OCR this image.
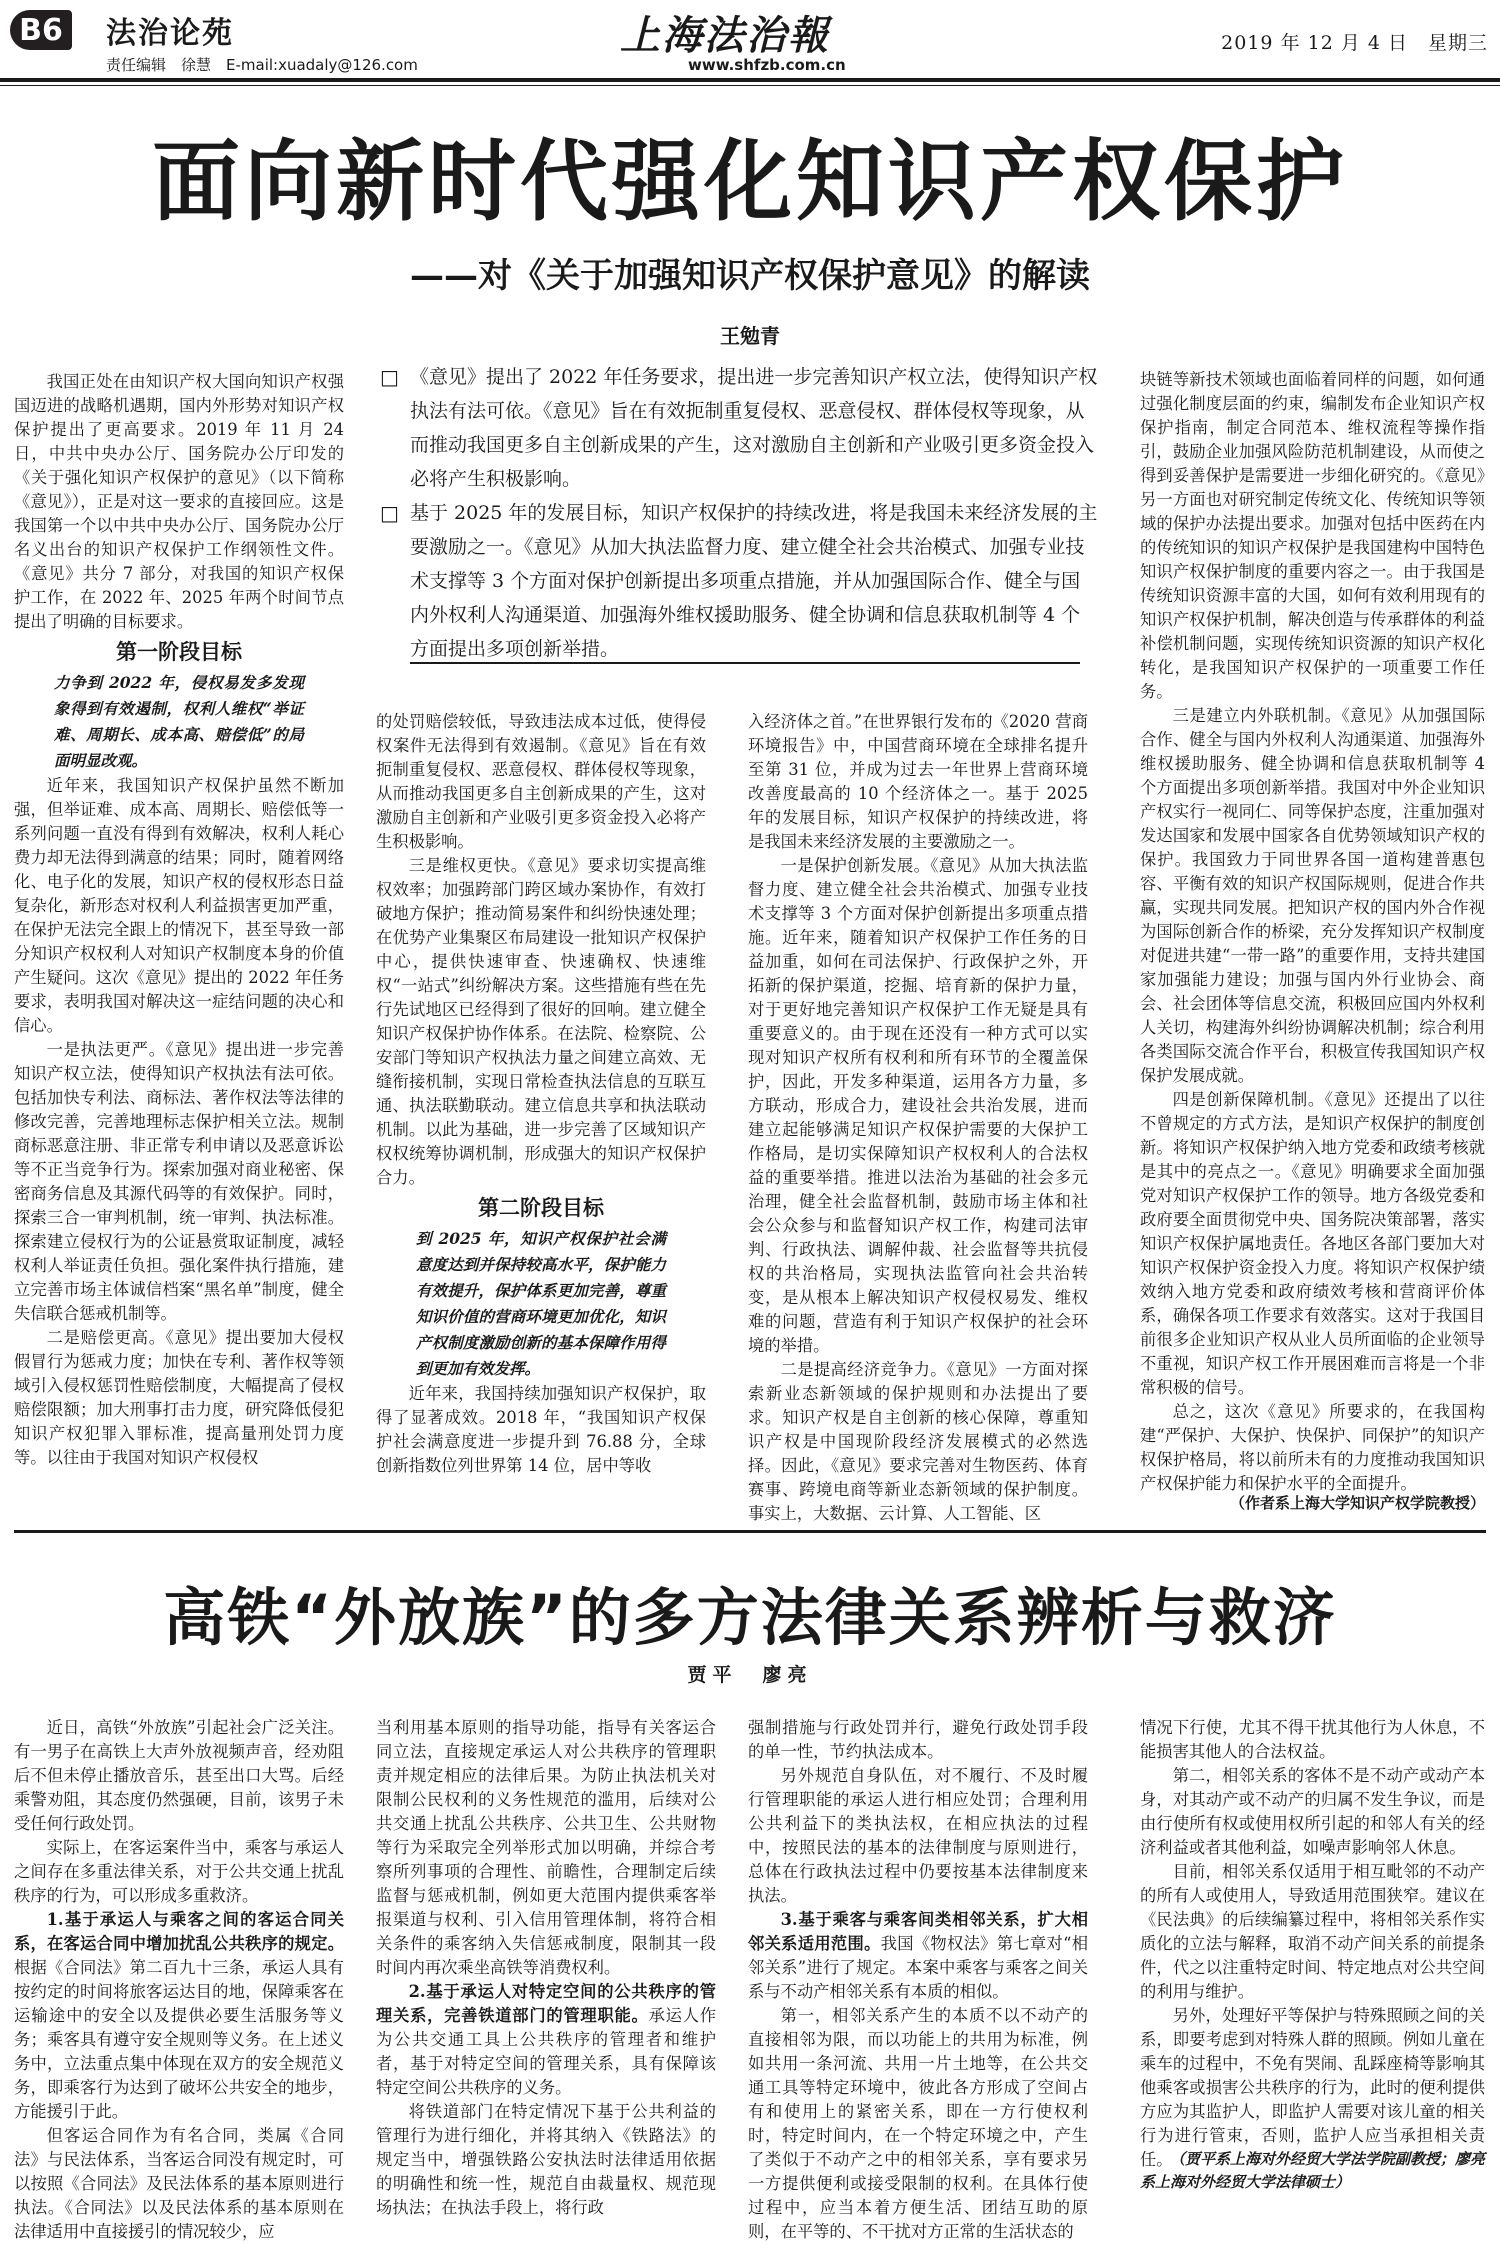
B6	法治论苑
责任编辑　徐慧　E-mail:xuadaly@126.com
上海法治報
www.shfzb.com.cn
2019 年 12 月 4 日　星期三
面向新时代强化知识产权保护
——对《关于加强知识产权保护意见》的解读
王勉青
□ 《意见》提出了 2022 年任务要求，提出进一步完善知识产权立法，使得知识产权执法有法可依。《意见》旨在有效扼制重复侵权、恶意侵权、群体侵权等现象，从而推动我国更多自主创新成果的产生，这对激励自主创新和产业吸引更多资金投入必将产生积极影响。
□ 基于 2025 年的发展目标，知识产权保护的持续改进，将是我国未来经济发展的主要激励之一。《意见》从加大执法监督力度、建立健全社会共治模式、加强专业技术支撑等 3 个方面对保护创新提出多项重点措施，并从加强国际合作、健全与国内外权利人沟通渠道、加强海外维权援助服务、健全协调和信息获取机制等 4 个方面提出多项创新举措。

我国正处在由知识产权大国向知识产权强国迈进的战略机遇期，国内外形势对知识产权保护提出了更高要求。2019 年 11 月 24 日，中共中央办公厅、国务院办公厅印发的《关于强化知识产权保护的意见》（以下简称《意见》），正是对这一要求的直接回应。这是我国第一个以中共中央办公厅、国务院办公厅名义出台的知识产权保护工作纲领性文件。《意见》共分 7 部分，对我国的知识产权保护工作，在 2022 年、2025 年两个时间节点提出了明确的目标要求。

第一阶段目标
力争到 2022 年，侵权易发多发现象得到有效遏制，权利人维权“举证难、周期长、成本高、赔偿低”的局面明显改观。

近年来，我国知识产权保护虽然不断加强，但举证难、成本高、周期长、赔偿低等一系列问题一直没有得到有效解决，权利人耗心费力却无法得到满意的结果；同时，随着网络化、电子化的发展，知识产权的侵权形态日益复杂化，新形态对权利人利益损害更加严重，在保护无法完全跟上的情况下，甚至导致一部分知识产权权利人对知识产权制度本身的价值产生疑问。这次《意见》提出的 2022 年任务要求，表明我国对解决这一症结问题的决心和信心。

一是执法更严。《意见》提出进一步完善知识产权立法，使得知识产权执法有法可依。包括加快专利法、商标法、著作权法等法律的修改完善，完善地理标志保护相关立法。规制商标恶意注册、非正常专利申请以及恶意诉讼等不正当竞争行为。探索加强对商业秘密、保密商务信息及其源代码等的有效保护。同时，探索三合一审判机制，统一审判、执法标准。探索建立侵权行为的公证悬赏取证制度，减轻权利人举证责任负担。强化案件执行措施，建立完善市场主体诚信档案“黑名单”制度，健全失信联合惩戒机制等。

二是赔偿更高。《意见》提出要加大侵权假冒行为惩戒力度；加快在专利、著作权等领域引入侵权惩罚性赔偿制度，大幅提高了侵权赔偿限额；加大刑事打击力度，研究降低侵犯知识产权犯罪入罪标准，提高量刑处罚力度等。以往由于我国对知识产权侵权

的处罚赔偿较低，导致违法成本过低，使得侵权案件无法得到有效遏制。《意见》旨在有效扼制重复侵权、恶意侵权、群体侵权等现象，从而推动我国更多自主创新成果的产生，这对激励自主创新和产业吸引更多资金投入必将产生积极影响。

三是维权更快。《意见》要求切实提高维权效率；加强跨部门跨区域办案协作，有效打破地方保护；推动简易案件和纠纷快速处理；在优势产业集聚区布局建设一批知识产权保护中心，提供快速审查、快速确权、快速维权“一站式”纠纷解决方案。这些措施有些在先行先试地区已经得到了很好的回响。建立健全知识产权保护协作体系。在法院、检察院、公安部门等知识产权执法力量之间建立高效、无缝衔接机制，实现日常检查执法信息的互联互通、执法联勤联动。建立信息共享和执法联动机制。以此为基础，进一步完善了区域知识产权权统筹协调机制，形成强大的知识产权保护合力。

第二阶段目标
到 2025 年，知识产权保护社会满意度达到并保持较高水平，保护能力有效提升，保护体系更加完善，尊重知识价值的营商环境更加优化，知识产权制度激励创新的基本保障作用得到更加有效发挥。

近年来，我国持续加强知识产权保护，取得了显著成效。2018 年，“我国知识产权保护社会满意度进一步提升到 76.88 分，全球创新指数位列世界第 14 位，居中等收

入经济体之首。”在世界银行发布的《2020 营商环境报告》中，中国营商环境在全球排名提升至第 31 位，并成为过去一年世界上营商环境改善度最高的 10 个经济体之一。基于 2025 年的发展目标，知识产权保护的持续改进，将是我国未来经济发展的主要激励之一。

一是保护创新发展。《意见》从加大执法监督力度、建立健全社会共治模式、加强专业技术支撑等 3 个方面对保护创新提出多项重点措施。近年来，随着知识产权保护工作任务的日益加重，如何在司法保护、行政保护之外，开拓新的保护渠道，挖掘、培育新的保护力量，对于更好地完善知识产权保护工作无疑是具有重要意义的。由于现在还没有一种方式可以实现对知识产权所有权利和所有环节的全覆盖保护，因此，开发多种渠道，运用各方力量，多方联动，形成合力，建设社会共治发展，进而建立起能够满足知识产权保护需要的大保护工作格局，是切实保障知识产权权利人的合法权益的重要举措。推进以法治为基础的社会多元治理，健全社会监督机制，鼓励市场主体和社会公众参与和监督知识产权工作，构建司法审判、行政执法、调解仲裁、社会监督等共抗侵权的共治格局，实现执法监管向社会共治转变，是从根本上解决知识产权侵权易发、维权难的问题，营造有利于知识产权保护的社会环境的举措。

二是提高经济竞争力。《意见》一方面对探索新业态新领域的保护规则和办法提出了要求。知识产权是自主创新的核心保障，尊重知识产权是中国现阶段经济发展模式的必然选择。因此，《意见》要求完善对生物医药、体育赛事、跨境电商等新业态新领域的保护制度。事实上，大数据、云计算、人工智能、区

块链等新技术领域也面临着同样的问题，如何通过强化制度层面的约束，编制发布企业知识产权保护指南，制定合同范本、维权流程等操作指引，鼓励企业加强风险防范机制建设，从而使之得到妥善保护是需要进一步细化研究的。《意见》另一方面也对研究制定传统文化、传统知识等领域的保护办法提出要求。加强对包括中医药在内的传统知识的知识产权保护是我国建构中国特色知识产权保护制度的重要内容之一。由于我国是传统知识资源丰富的大国，如何有效利用现有的知识产权保护机制，解决创造与传承群体的利益补偿机制问题，实现传统知识资源的知识产权化转化，是我国知识产权保护的一项重要工作任务。

三是建立内外联机制。《意见》从加强国际合作、健全与国内外权利人沟通渠道、加强海外维权援助服务、健全协调和信息获取机制等 4 个方面提出多项创新举措。我国对中外企业知识产权实行一视同仁、同等保护态度，注重加强对发达国家和发展中国家各自优势领域知识产权的保护。我国致力于同世界各国一道构建普惠包容、平衡有效的知识产权国际规则，促进合作共赢，实现共同发展。把知识产权的国内外合作视为国际创新合作的桥梁，充分发挥知识产权制度对促进共建“一带一路”的重要作用，支持共建国家加强能力建设；加强与国内外行业协会、商会、社会团体等信息交流，积极回应国内外权利人关切，构建海外纠纷协调解决机制；综合利用各类国际交流合作平台，积极宣传我国知识产权保护发展成就。

四是创新保障机制。《意见》还提出了以往不曾规定的方式方法，是知识产权保护的制度创新。将知识产权保护纳入地方党委和政绩考核就是其中的亮点之一。《意见》明确要求全面加强党对知识产权保护工作的领导。地方各级党委和政府要全面贯彻党中央、国务院决策部署，落实知识产权保护属地责任。各地区各部门要加大对知识产权保护资金投入力度。将知识产权保护绩效纳入地方党委和政府绩效考核和营商评价体系，确保各项工作要求有效落实。这对于我国目前很多企业知识产权从业人员所面临的企业领导不重视，知识产权工作开展困难而言将是一个非常积极的信号。

总之，这次《意见》所要求的，在我国构建“严保护、大保护、快保护、同保护”的知识产权保护格局，将以前所未有的力度推动我国知识产权保护能力和保护水平的全面提升。

（作者系上海大学知识产权学院教授）
高铁“外放族”的多方法律关系辨析与救济
贾平　廖亮

近日，高铁“外放族”引起社会广泛关注。有一男子在高铁上大声外放视频声音，经劝阻后不但未停止播放音乐，甚至出口大骂。后经乘警劝阻，其态度仍然强硬，目前，该男子未受任何行政处罚。

实际上，在客运案件当中，乘客与承运人之间存在多重法律关系，对于公共交通上扰乱秩序的行为，可以形成多重救济。

1.基于承运人与乘客之间的客运合同关系，在客运合同中增加扰乱公共秩序的规定。根据《合同法》第二百九十三条，承运人具有按约定的时间将旅客运达目的地，保障乘客在运输途中的安全以及提供必要生活服务等义务；乘客具有遵守安全规则等义务。在上述义务中，立法重点集中体现在双方的安全规范义务，即乘客行为达到了破坏公共安全的地步，方能援引于此。

但客运合同作为有名合同，类属《合同法》与民法体系，当客运合同没有规定时，可以按照《合同法》及民法体系的基本原则进行执法。《合同法》以及民法体系的基本原则在法律适用中直接援引的情况较少，应

当利用基本原则的指导功能，指导有关客运合同立法，直接规定承运人对公共秩序的管理职责并规定相应的法律后果。为防止执法机关对限制公民权利的义务性规范的滥用，后续对公共交通上扰乱公共秩序、公共卫生、公共财物等行为采取完全列举形式加以明确，并综合考察所列事项的合理性、前瞻性，合理制定后续监督与惩戒机制，例如更大范围内提供乘客举报渠道与权利、引入信用管理体制，将符合相关条件的乘客纳入失信惩戒制度，限制其一段时间内再次乘坐高铁等消费权利。

2.基于承运人对特定空间的公共秩序的管理关系，完善铁道部门的管理职能。承运人作为公共交通工具上公共秩序的管理者和维护者，基于对特定空间的管理关系，具有保障该特定空间公共秩序的义务。

将铁道部门在特定情况下基于公共利益的管理行为进行细化，并将其纳入《铁路法》的规定当中，增强铁路公安执法时法律适用依据的明确性和统一性，规范自由裁量权、规范现场执法；在执法手段上，将行政

强制措施与行政处罚并行，避免行政处罚手段的单一性，节约执法成本。

另外规范自身队伍，对不履行、不及时履行管理职能的承运人进行相应处罚；合理利用公共利益下的类执法权，在相应执法的过程中，按照民法的基本的法律制度与原则进行，总体在行政执法过程中仍要按基本法律制度来执法。

3.基于乘客与乘客间类相邻关系，扩大相邻关系适用范围。我国《物权法》第七章对“相邻关系”进行了规定。本案中乘客与乘客之间关系与不动产相邻关系有本质的相似。

第一，相邻关系产生的本质不以不动产的直接相邻为限，而以功能上的共用为标准，例如共用一条河流、共用一片土地等，在公共交通工具等特定环境中，彼此各方形成了空间占有和使用上的紧密关系，即在一方行使权利时，特定时间内，在一个特定环境之中，产生了类似于不动产之中的相邻关系，享有要求另一方提供便利或接受限制的权利。在具体行使过程中，应当本着方便生活、团结互助的原则，在平等的、不干扰对方正常的生活状态的

情况下行使，尤其不得干扰其他行为人休息，不能损害其他人的合法权益。

第二，相邻关系的客体不是不动产或动产本身，对其动产或不动产的归属不发生争议，而是由行使所有权或使用权所引起的和邻人有关的经济利益或者其他利益，如噪声影响邻人休息。

目前，相邻关系仅适用于相互毗邻的不动产的所有人或使用人，导致适用范围狭窄。建议在《民法典》的后续编纂过程中，将相邻关系作实质化的立法与解释，取消不动产间关系的前提条件，代之以注重特定时间、特定地点对公共空间的利用与维护。

另外，处理好平等保护与特殊照顾之间的关系，即要考虑到对特殊人群的照顾。例如儿童在乘车的过程中，不免有哭闹、乱踩座椅等影响其他乘客或损害公共秩序的行为，此时的便利提供方应为其监护人，即监护人需要对该儿童的相关行为进行管束，否则，监护人应当承担相关责任。

（贾平系上海对外经贸大学法学院副教授；廖亮系上海对外经贸大学法律硕士）
